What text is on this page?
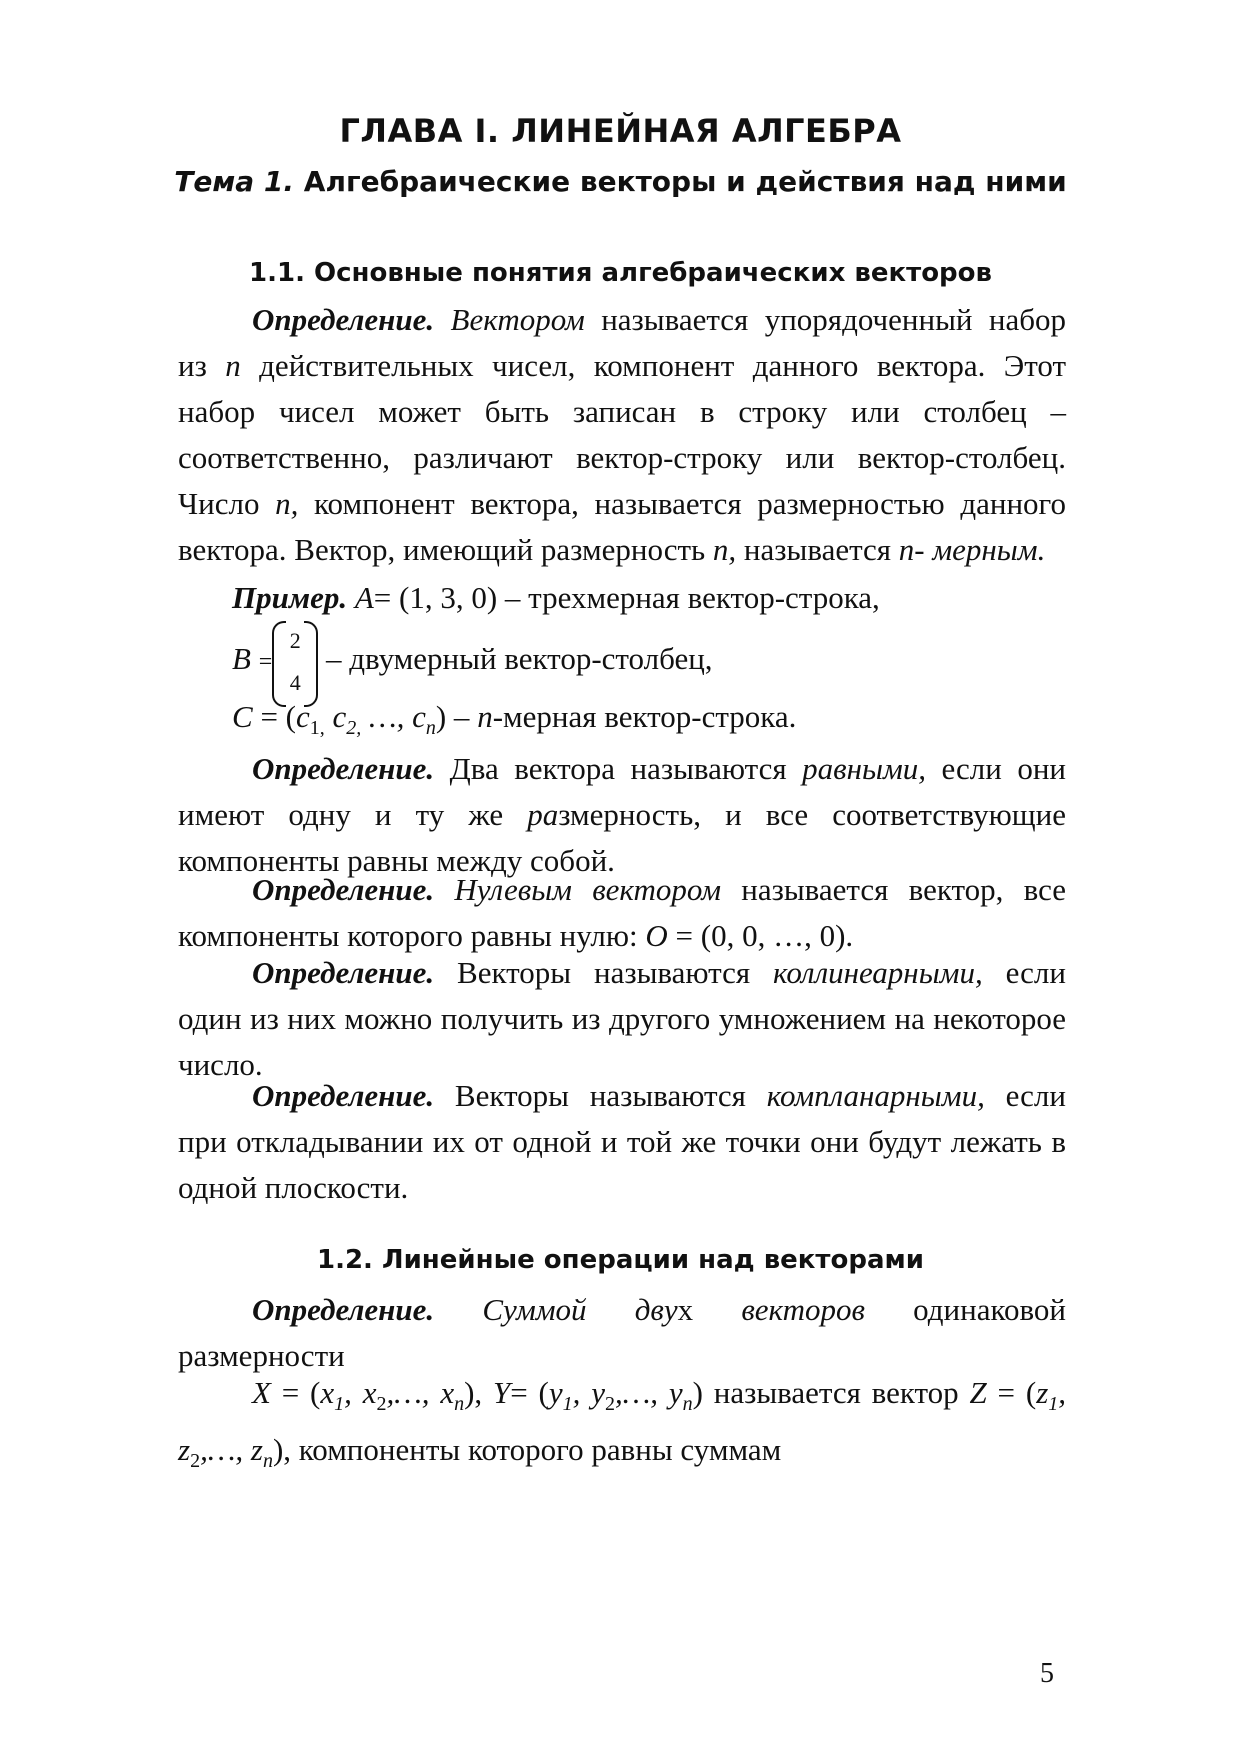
ГЛАВА I. ЛИНЕЙНАЯ АЛГЕБРА
Тема 1. Алгебраические векторы и действия над ними
1.1. Основные понятия алгебраических векторов
Определение. Вектором называется упорядоченный набор из n действительных чисел, компонент данного вектора. Этот набор чисел может быть записан в строку или столбец – соответственно, различают вектор-строку или вектор-столбец. Число n, компонент вектора, называется размерностью данного вектора. Вектор, имеющий размерность n, называется n- мерным.
Пример. A= (1, 3, 0) – трехмерная вектор-строка,
B =
2
4
– двумерный вектор-столбец,
$C = (c_{1,}$ $c_{2,}$ …, $c_n$) – n-мерная вектор-строка.
Определение. Два вектора называются равными, если они имеют одну и ту же размерность, и все соответствующие компоненты равны между собой.
Определение. Нулевым вектором называется вектор, все компоненты которого равны нулю: O = (0, 0, …, 0).
Определение. Векторы называются коллинеарными, если один из них можно получить из другого умножением на некоторое число.
Определение. Векторы называются компланарными, если при откладывании их от одной и той же точки они будут лежать в одной плоскости.
1.2. Линейные операции над векторами
Определение. Суммой двух векторов одинаковой размерности
$X = (x_1$, $x_2,\dots$, $x_n$), $Y= (y_1$, $y_2,\dots$, $y_n$) называется вектор $Z = (z_1$, $z_2,\dots$, $z_n$), компоненты которого равны суммам
5
